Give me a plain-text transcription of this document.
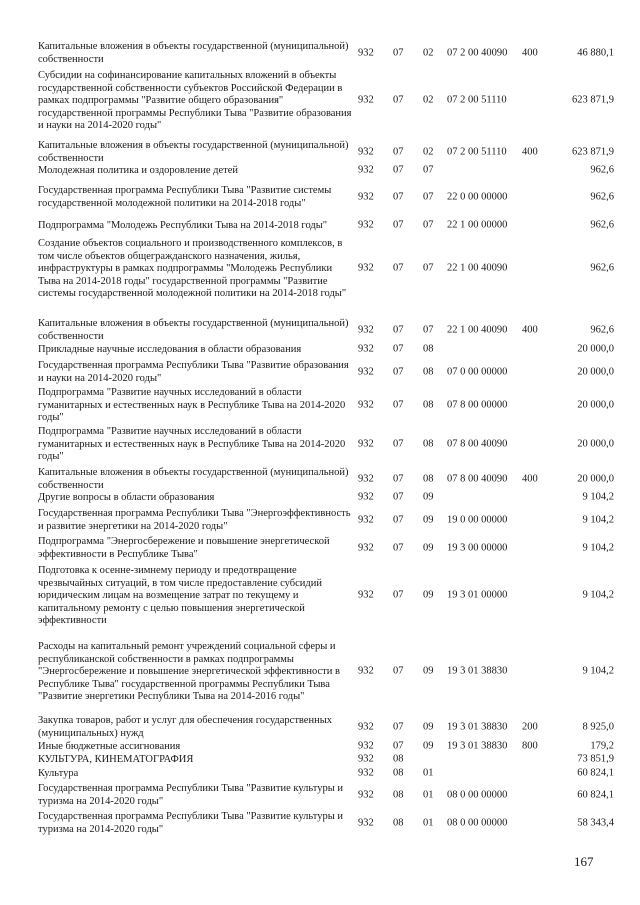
Капитальные вложения в объекты государственной (муниципальной) собственности
932 07 02 07 2 00 40090 400	46 880,1
Субсидии на софинансирование капитальных вложений в объекты государственной собственности субъектов Российской Федерации в рамках подпрограммы "Развитие общего образования" государственной программы Республики Тыва "Развитие образования и науки на 2014-2020 годы"
932 07 02 07 2 00 51110	623 871,9
Капитальные вложения в объекты государственной (муниципальной) собственности
932 07 02 07 2 00 51110 400	623 871,9
Молодежная политика и оздоровление детей	932 07 07	962,6
Государственная программа Республики Тыва "Развитие системы государственной молодежной политики на 2014-2018 годы"
932 07 07 22 0 00 00000	962,6
Подпрограмма "Молодежь Республики Тыва на 2014-2018 годы"	932 07 07 22 1 00 00000	962,6
Создание объектов социального и производственного комплексов, в том числе объектов общегражданского назначения, жилья, инфраструктуры в рамках подпрограммы "Молодежь Республики Тыва на 2014-2018 годы" государственной программы "Развитие системы государственной молодежной политики на 2014-2018 годы"
932 07 07 22 1 00 40090	962,6
Капитальные вложения в объекты государственной (муниципальной) собственности
932 07 07 22 1 00 40090 400	962,6
Прикладные научные исследования в области образования	932 07 08	20 000,0
Государственная программа Республики Тыва "Развитие образования и науки на 2014-2020 годы"
932 07 08 07 0 00 00000	20 000,0
Подпрограмма "Развитие научных исследований в области гуманитарных и естественных наук в Республике Тыва на 2014-2020 годы"
932 07 08 07 8 00 00000	20 000,0
Подпрограмма "Развитие научных исследований в области гуманитарных и естественных наук в Республике Тыва на 2014-2020 годы"
932 07 08 07 8 00 40090	20 000,0
Капитальные вложения в объекты государственной (муниципальной) собственности
932 07 08 07 8 00 40090 400	20 000,0
Другие вопросы в области образования	932 07 09	9 104,2
Государственная программа Республики Тыва "Энергоэффективность и развитие энергетики на 2014-2020 годы"
932 07 09 19 0 00 00000	9 104,2
Подпрограмма "Энергосбережение и повышение энергетической эффективности в Республике Тыва"
932 07 09 19 3 00 00000	9 104,2
Подготовка к осенне-зимнему периоду и предотвращение чрезвычайных ситуаций, в том числе предоставление субсидий юридическим лицам на возмещение затрат по текущему и капитальному ремонту с целью повышения энергетической эффективности
932 07 09 19 3 01 00000	9 104,2
Расходы на капитальный ремонт учреждений социальной сферы и республиканской собственности в рамках подпрограммы "Энергосбережение и повышение энергетической эффективности в Республике Тыва" государственной программы Республики Тыва "Развитие энергетики Республики Тыва на 2014-2016 годы"
932 07 09 19 3 01 38830	9 104,2
Закупка товаров, работ и услуг для обеспечения государственных (муниципальных) нужд
932 07 09 19 3 01 38830 200	8 925,0
Иные бюджетные ассигнования	932 07 09 19 3 01 38830 800	179,2
КУЛЬТУРА, КИНЕМАТОГРАФИЯ	932 08	73 851,9
Культура	932 08 01	60 824,1
Государственная программа Республики Тыва "Развитие культуры и туризма на 2014-2020 годы"
932 08 01 08 0 00 00000	60 824,1
Государственная программа Республики Тыва "Развитие культуры и туризма на 2014-2020 годы"
932 08 01 08 0 00 00000	58 343,4
167
